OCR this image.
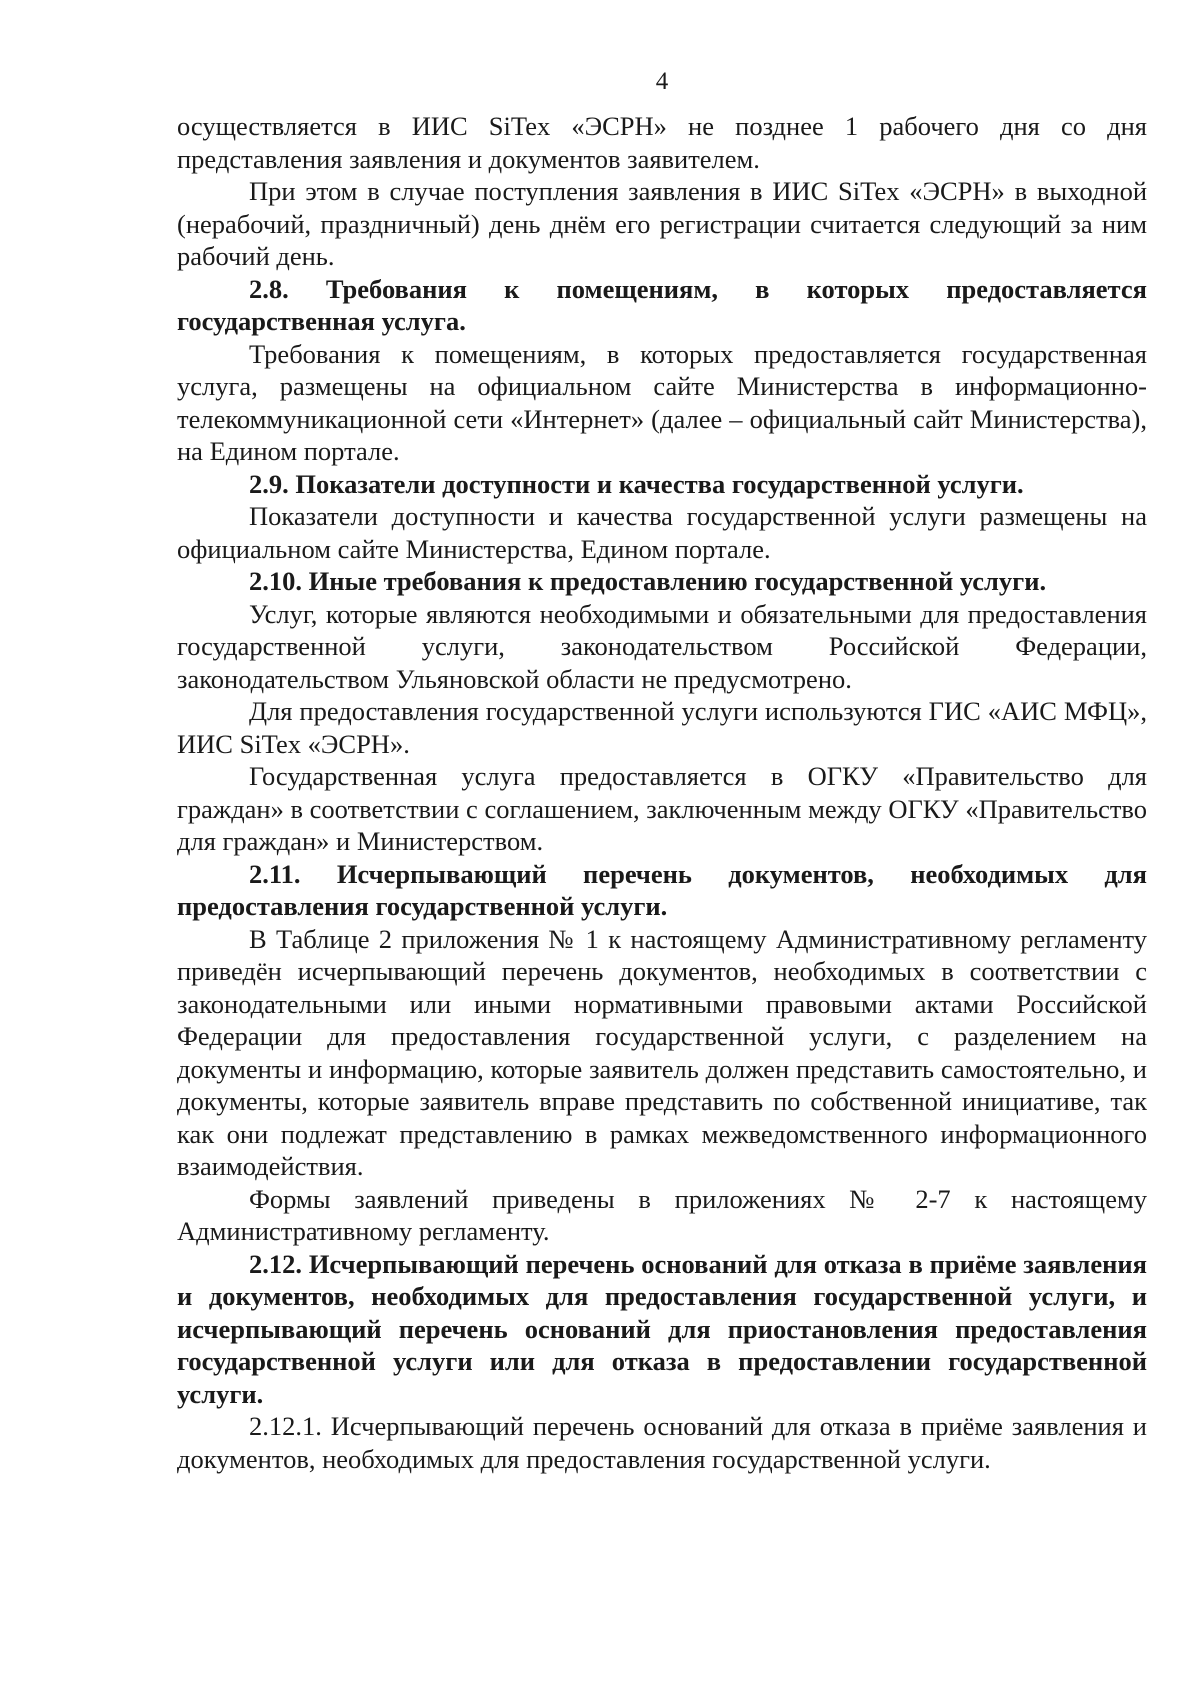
4

осуществляется в ИИС SiTex «ЭСРН» не позднее 1 рабочего дня со дня представления заявления и документов заявителем.

При этом в случае поступления заявления в ИИС SiTex «ЭСРН» в выходной (нерабочий, праздничный) день днём его регистрации считается следующий за ним рабочий день.

2.8. Требования к помещениям, в которых предоставляется государственная услуга.

Требования к помещениям, в которых предоставляется государственная услуга, размещены на официальном сайте Министерства в информационно-телекоммуникационной сети «Интернет» (далее – официальный сайт Министерства), на Едином портале.

2.9. Показатели доступности и качества государственной услуги.

Показатели доступности и качества государственной услуги размещены на официальном сайте Министерства, Едином портале.

2.10. Иные требования к предоставлению государственной услуги.

Услуг, которые являются необходимыми и обязательными для предоставления государственной услуги, законодательством Российской Федерации, законодательством Ульяновской области не предусмотрено.

Для предоставления государственной услуги используются ГИС «АИС МФЦ», ИИС SiTex «ЭСРН».

Государственная услуга предоставляется в ОГКУ «Правительство для граждан» в соответствии с соглашением, заключенным между ОГКУ «Правительство для граждан» и Министерством.

2.11. Исчерпывающий перечень документов, необходимых для предоставления государственной услуги.

В Таблице 2 приложения № 1 к настоящему Административному регламенту приведён исчерпывающий перечень документов, необходимых в соответствии с законодательными или иными нормативными правовыми актами Российской Федерации для предоставления государственной услуги, с разделением на документы и информацию, которые заявитель должен представить самостоятельно, и документы, которые заявитель вправе представить по собственной инициативе, так как они подлежат представлению в рамках межведомственного информационного взаимодействия.

Формы заявлений приведены в приложениях № 2-7 к настоящему Административному регламенту.

2.12. Исчерпывающий перечень оснований для отказа в приёме заявления и документов, необходимых для предоставления государственной услуги, и исчерпывающий перечень оснований для приостановления предоставления государственной услуги или для отказа в предоставлении государственной услуги.

2.12.1. Исчерпывающий перечень оснований для отказа в приёме заявления и документов, необходимых для предоставления государственной услуги.
